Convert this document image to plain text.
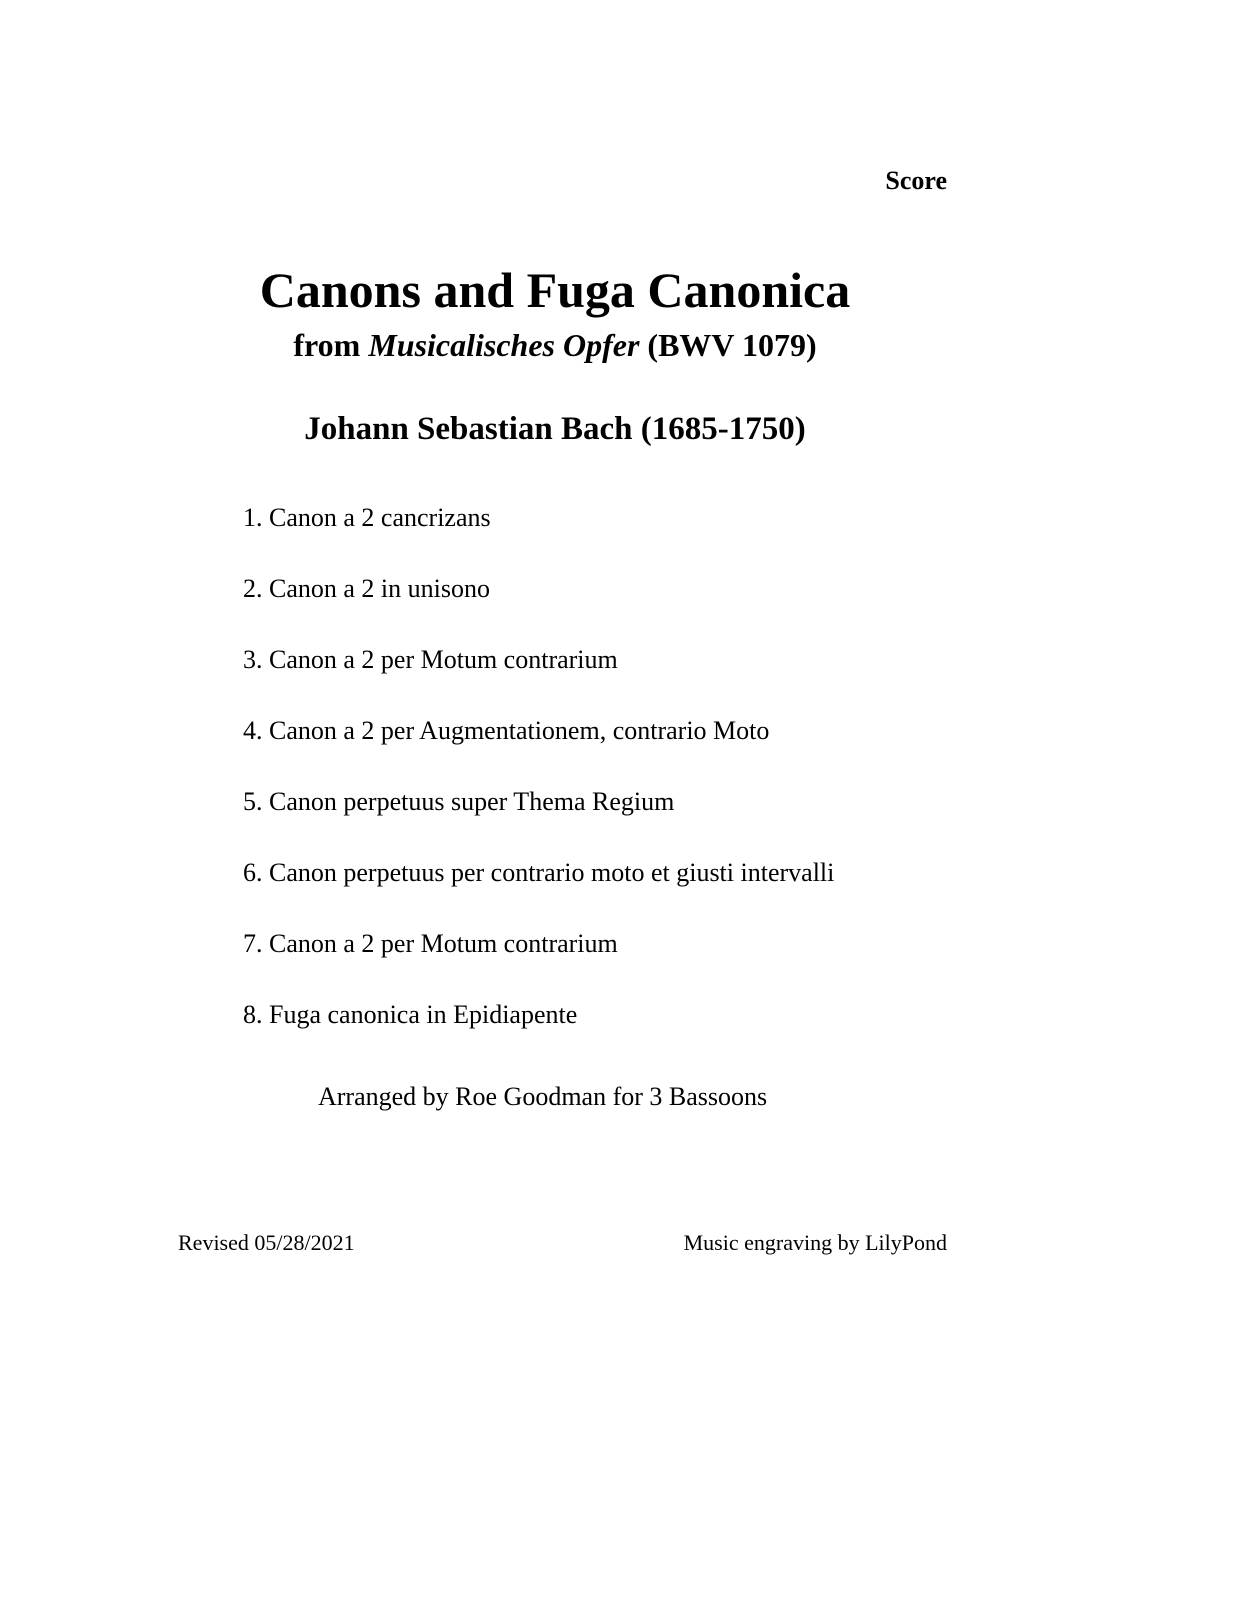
Score
Canons and Fuga Canonica
from Musicalisches Opfer (BWV 1079)
Johann Sebastian Bach (1685-1750)
1. Canon a 2 cancrizans
2. Canon a 2 in unisono
3. Canon a 2 per Motum contrarium
4. Canon a 2 per Augmentationem, contrario Moto
5. Canon perpetuus super Thema Regium
6. Canon perpetuus per contrario moto et giusti intervalli
7. Canon a 2 per Motum contrarium
8. Fuga canonica in Epidiapente
Arranged by Roe Goodman for 3 Bassoons
Revised 05/28/2021	Music engraving by LilyPond
